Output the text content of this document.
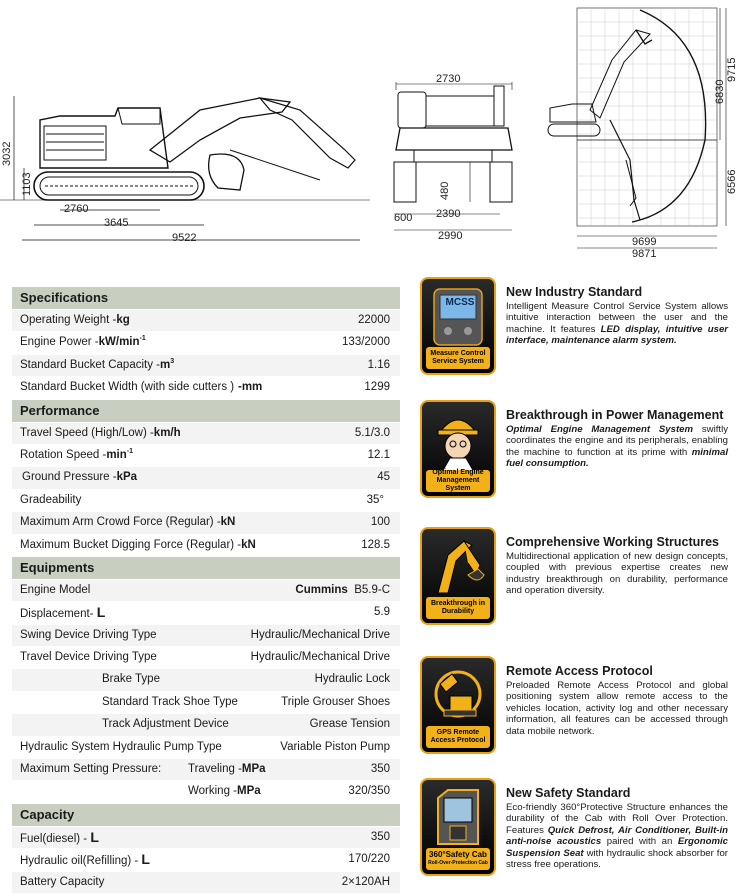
3032
1103
2760
3645
9522
2730
480
600 2390
2990
6830
9715
6566
9699
9871
Specifications
Operating Weight -kg	22000
Engine Power $-kW/\min^{-1}$	133/2000
Standard Bucket Capacity $-m^3$	1.16
Standard Bucket Width (with side cutters ) -mm	1299
Performance
Travel Speed (High/Low) -km/h	5.1/3.0
Rotation Speed $-\min^{-1}$	12.1
Ground Pressure -kPa	45
Gradeability	35°
Maximum Arm Crowd Force (Regular) -kN	100
Maximum Bucket Digging Force (Regular) -kN	128.5
Equipments
Engine Model	Cummins B5.9-C
Displacement- L	5.9
Swing Device Driving Type	Hydraulic/Mechanical Drive
Travel Device Driving Type	Hydraulic/Mechanical Drive
Brake Type	Hydraulic Lock
Standard Track Shoe Type	Triple Grouser Shoes
Track Adjustment Device	Grease Tension
Hydraulic System Hydraulic Pump Type	Variable Piston Pump
Maximum Setting Pressure: Traveling -MPa	350
Working -MPa	320/350
Capacity
Fuel(diesel) - L	350
Hydraulic oil(Refilling) - L	170/220
Battery Capacity	2×120AH
MCSS
Measure Control Service System
New Industry Standard
Intelligent Measure Control Service System allows intuitive interaction between the user and the machine. It features LED display, intuitive user interface, maintenance alarm system.
Optimal Engine Management System
Breakthrough in Power Management
Optimal Engine Management System swiftly coordinates the engine and its peripherals, enabling the machine to function at its prime with minimal fuel consumption.
Breakthrough in Durability
Comprehensive Working Structures
Multidirectional application of new design concepts, coupled with previous expertise creates new industry breakthrough on durability, performance and operation diversity.
GPS Remote Access Protocol
Remote Access Protocol
Preloaded Remote Access Protocol and global positioning system allow remote access to the vehicles location, activity log and other necessary information, all features can be accessed through data mobile network.
360°Safety Cab
Roll-Over-Protection Cab
New Safety Standard
Eco-friendly 360°Protective Structure enhances the durability of the Cab with Roll Over Protection. Features Quick Defrost, Air Conditioner, Built-in anti-noise acoustics paired with an Ergonomic Suspension Seat with hydraulic shock absorber for stress free operations.
